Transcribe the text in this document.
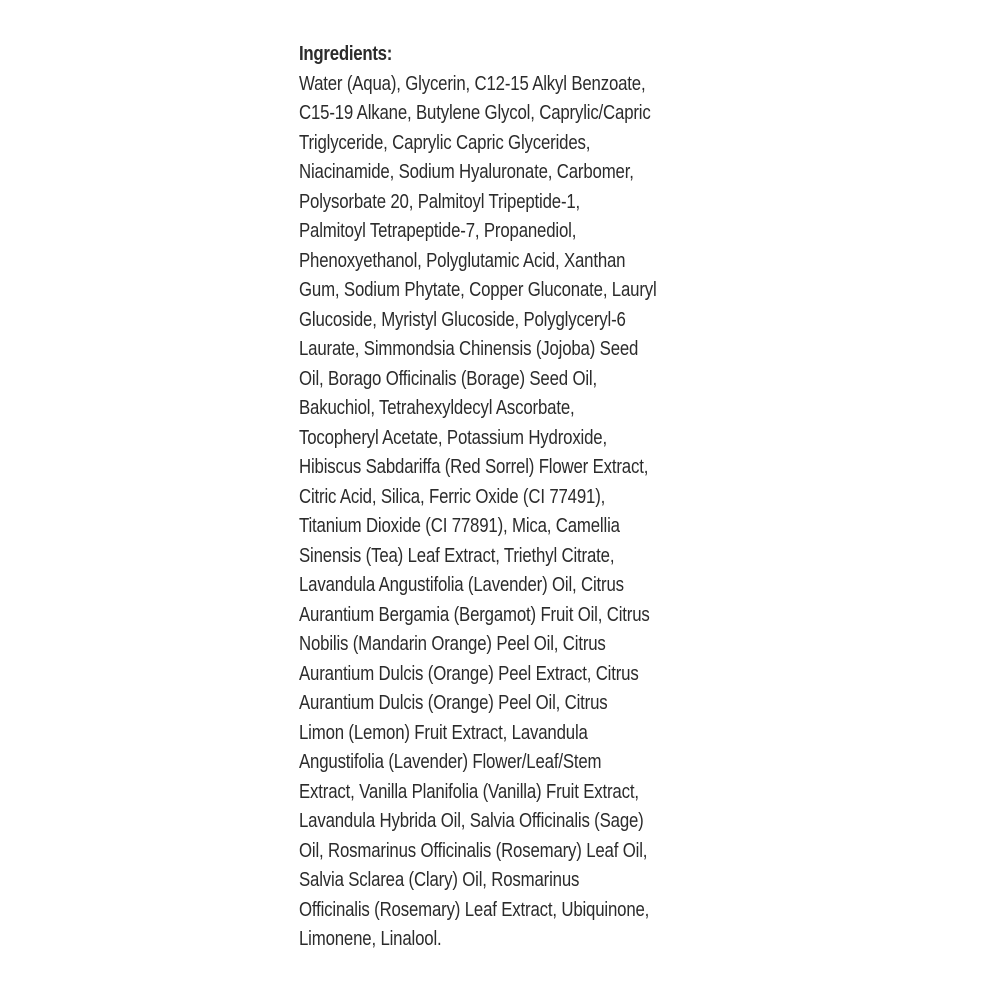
Ingredients:
Water (Aqua), Glycerin, C12-15 Alkyl Benzoate,
C15-19 Alkane, Butylene Glycol, Caprylic/Capric
Triglyceride, Caprylic Capric Glycerides,
Niacinamide, Sodium Hyaluronate, Carbomer,
Polysorbate 20, Palmitoyl Tripeptide-1,
Palmitoyl Tetrapeptide-7, Propanediol,
Phenoxyethanol, Polyglutamic Acid, Xanthan
Gum, Sodium Phytate, Copper Gluconate, Lauryl
Glucoside, Myristyl Glucoside, Polyglyceryl-6
Laurate, Simmondsia Chinensis (Jojoba) Seed
Oil, Borago Officinalis (Borage) Seed Oil,
Bakuchiol, Tetrahexyldecyl Ascorbate,
Tocopheryl Acetate, Potassium Hydroxide,
Hibiscus Sabdariffa (Red Sorrel) Flower Extract,
Citric Acid, Silica, Ferric Oxide (CI 77491),
Titanium Dioxide (CI 77891), Mica, Camellia
Sinensis (Tea) Leaf Extract, Triethyl Citrate,
Lavandula Angustifolia (Lavender) Oil, Citrus
Aurantium Bergamia (Bergamot) Fruit Oil, Citrus
Nobilis (Mandarin Orange) Peel Oil, Citrus
Aurantium Dulcis (Orange) Peel Extract, Citrus
Aurantium Dulcis (Orange) Peel Oil, Citrus
Limon (Lemon) Fruit Extract, Lavandula
Angustifolia (Lavender) Flower/Leaf/Stem
Extract, Vanilla Planifolia (Vanilla) Fruit Extract,
Lavandula Hybrida Oil, Salvia Officinalis (Sage)
Oil, Rosmarinus Officinalis (Rosemary) Leaf Oil,
Salvia Sclarea (Clary) Oil, Rosmarinus
Officinalis (Rosemary) Leaf Extract, Ubiquinone,
Limonene, Linalool.
